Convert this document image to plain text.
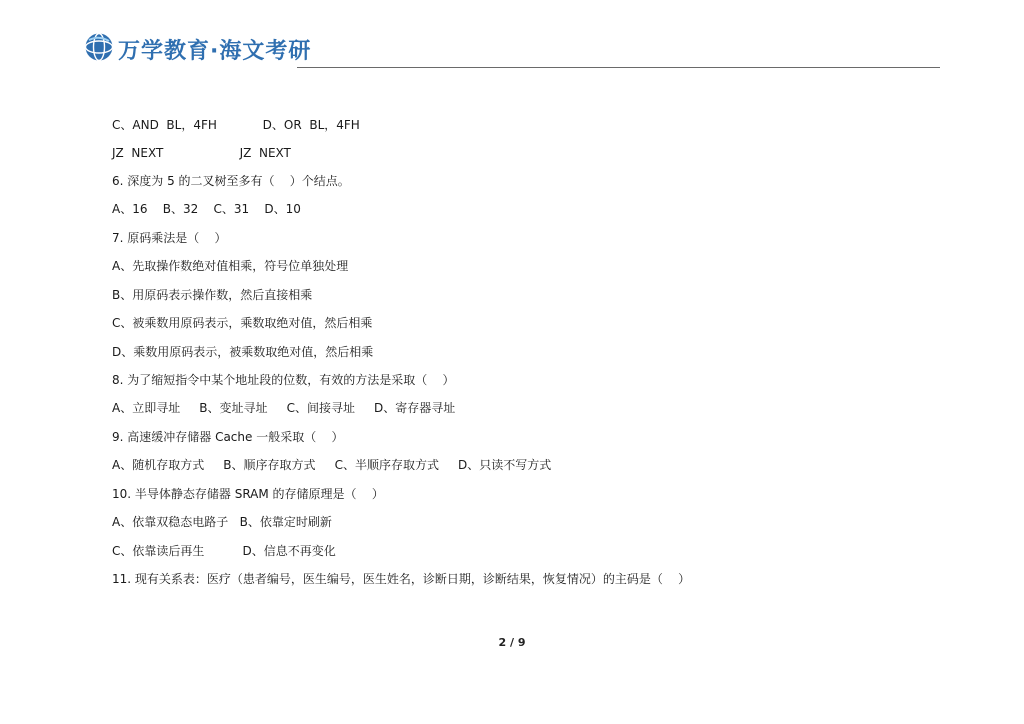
万学教育·海文考研
C、AND  BL，4FH            D、OR  BL，4FH
JZ  NEXT                    JZ  NEXT
6. 深度为 5 的二叉树至多有（    ）个结点。
A、16    B、32    C、31    D、10
7. 原码乘法是（    ）
A、先取操作数绝对值相乘，符号位单独处理
B、用原码表示操作数，然后直接相乘
C、被乘数用原码表示，乘数取绝对值，然后相乘
D、乘数用原码表示，被乘数取绝对值，然后相乘
8. 为了缩短指令中某个地址段的位数，有效的方法是采取（    ）
A、立即寻址     B、变址寻址     C、间接寻址     D、寄存器寻址
9. 高速缓冲存储器 Cache 一般采取（    ）
A、随机存取方式     B、顺序存取方式     C、半顺序存取方式     D、只读不写方式
10. 半导体静态存储器 SRAM 的存储原理是（    ）
A、依靠双稳态电路子   B、依靠定时刷新
C、依靠读后再生          D、信息不再变化
11. 现有关系表：医疗（患者编号，医生编号，医生姓名，诊断日期，诊断结果，恢复情况）的主码是（    ）
2 / 9
